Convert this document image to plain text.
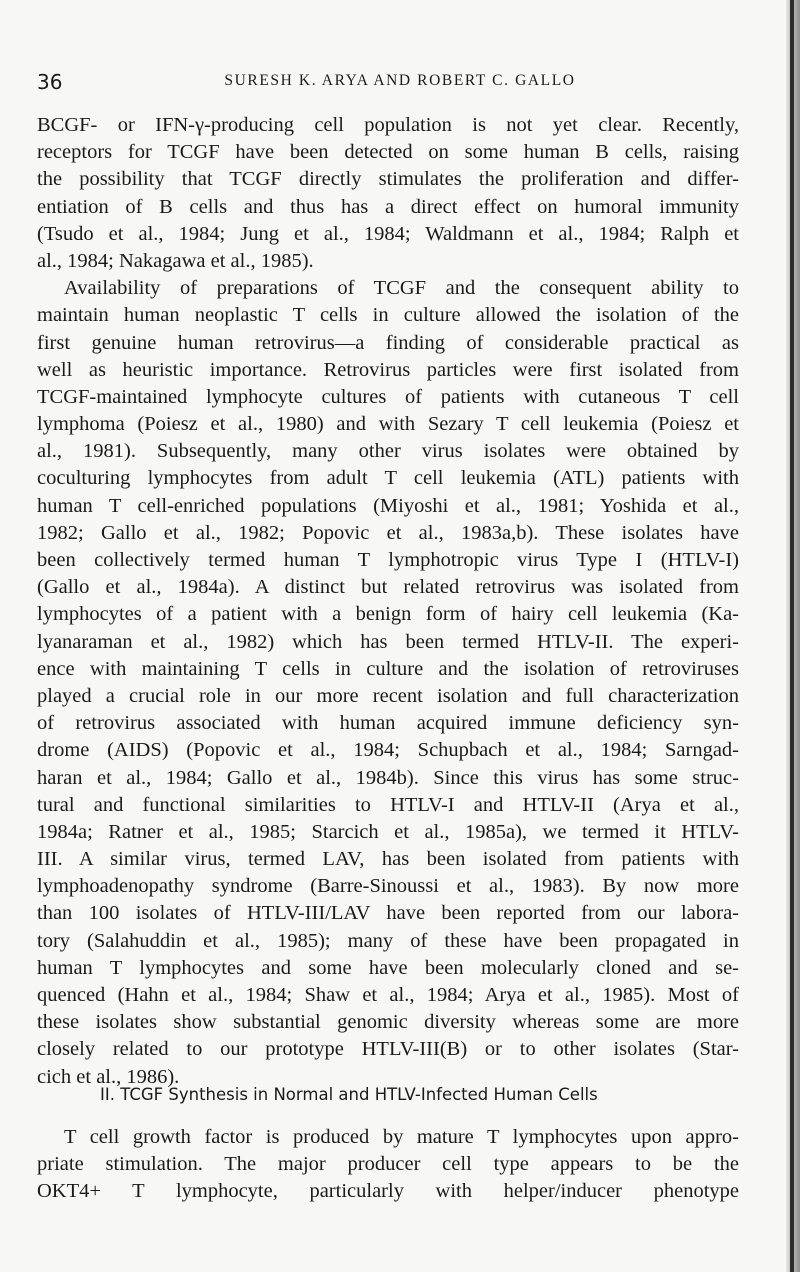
36	SURESH K. ARYA AND ROBERT C. GALLO
BCGF- or IFN-γ-producing cell population is not yet clear. Recently,
receptors for TCGF have been detected on some human B cells, raising
the possibility that TCGF directly stimulates the proliferation and differ-
entiation of B cells and thus has a direct effect on humoral immunity
(Tsudo et al., 1984; Jung et al., 1984; Waldmann et al., 1984; Ralph et
al., 1984; Nakagawa et al., 1985).
Availability of preparations of TCGF and the consequent ability to
maintain human neoplastic T cells in culture allowed the isolation of the
first genuine human retrovirus—a finding of considerable practical as
well as heuristic importance. Retrovirus particles were first isolated from
TCGF-maintained lymphocyte cultures of patients with cutaneous T cell
lymphoma (Poiesz et al., 1980) and with Sezary T cell leukemia (Poiesz et
al., 1981). Subsequently, many other virus isolates were obtained by
coculturing lymphocytes from adult T cell leukemia (ATL) patients with
human T cell-enriched populations (Miyoshi et al., 1981; Yoshida et al.,
1982; Gallo et al., 1982; Popovic et al., 1983a,b). These isolates have
been collectively termed human T lymphotropic virus Type I (HTLV-I)
(Gallo et al., 1984a). A distinct but related retrovirus was isolated from
lymphocytes of a patient with a benign form of hairy cell leukemia (Ka-
lyanaraman et al., 1982) which has been termed HTLV-II. The experi-
ence with maintaining T cells in culture and the isolation of retroviruses
played a crucial role in our more recent isolation and full characterization
of retrovirus associated with human acquired immune deficiency syn-
drome (AIDS) (Popovic et al., 1984; Schupbach et al., 1984; Sarngad-
haran et al., 1984; Gallo et al., 1984b). Since this virus has some struc-
tural and functional similarities to HTLV-I and HTLV-II (Arya et al.,
1984a; Ratner et al., 1985; Starcich et al., 1985a), we termed it HTLV-
III. A similar virus, termed LAV, has been isolated from patients with
lymphoadenopathy syndrome (Barre-Sinoussi et al., 1983). By now more
than 100 isolates of HTLV-III/LAV have been reported from our labora-
tory (Salahuddin et al., 1985); many of these have been propagated in
human T lymphocytes and some have been molecularly cloned and se-
quenced (Hahn et al., 1984; Shaw et al., 1984; Arya et al., 1985). Most of
these isolates show substantial genomic diversity whereas some are more
closely related to our prototype HTLV-III(B) or to other isolates (Star-
cich et al., 1986).
II. TCGF Synthesis in Normal and HTLV-Infected Human Cells
T cell growth factor is produced by mature T lymphocytes upon appro-
priate stimulation. The major producer cell type appears to be the
OKT4+ T lymphocyte, particularly with helper/inducer phenotype
